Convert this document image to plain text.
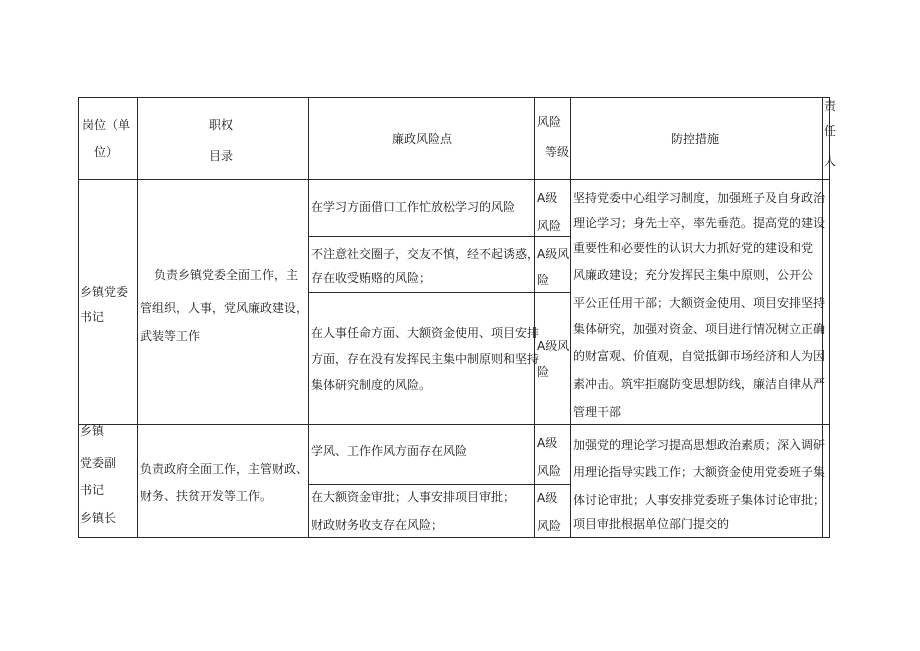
岗位（单
位）
职权
目录
廉政风险点
风险
等级
防控措施
责
任
人
乡镇党委
书记
负责乡镇党委全面工作，主
管组织，人事，党风廉政建设，
武装等工作
在学习方面借口工作忙放松学习的风险
不注意社交圈子，交友不慎，经不起诱惑，
存在收受贿赂的风险；
在人事任命方面、大额资金使用、项目安排
方面，存在没有发挥民主集中制原则和坚持
集体研究制度的风险。
A级
风险
A级风
险
A级风
险
坚持党委中心组学习制度，加强班子及自身政治
理论学习；身先士卒，率先垂范。提高党的建设
重要性和必要性的认识大力抓好党的建设和党
风廉政建设；充分发挥民主集中原则，公开公
平公正任用干部；大额资金使用、项目安排坚持
集体研究，加强对资金、项目进行情况树立正确
的财富观、价值观，自觉抵御市场经济和人为因
素冲击。筑牢拒腐防变思想防线，廉洁自律从严
管理干部
乡镇
党委副
书记
乡镇长
负责政府全面工作，主管财政、
财务、扶贫开发等工作。
学风、工作作风方面存在风险
在大额资金审批；人事安排项目审批；
财政财务收支存在风险；
A级
风险
A级
风险
加强党的理论学习提高思想政治素质；深入调研
用理论指导实践工作；大额资金使用党委班子集
体讨论审批；人事安排党委班子集体讨论审批；
项目审批根据单位部门提交的
